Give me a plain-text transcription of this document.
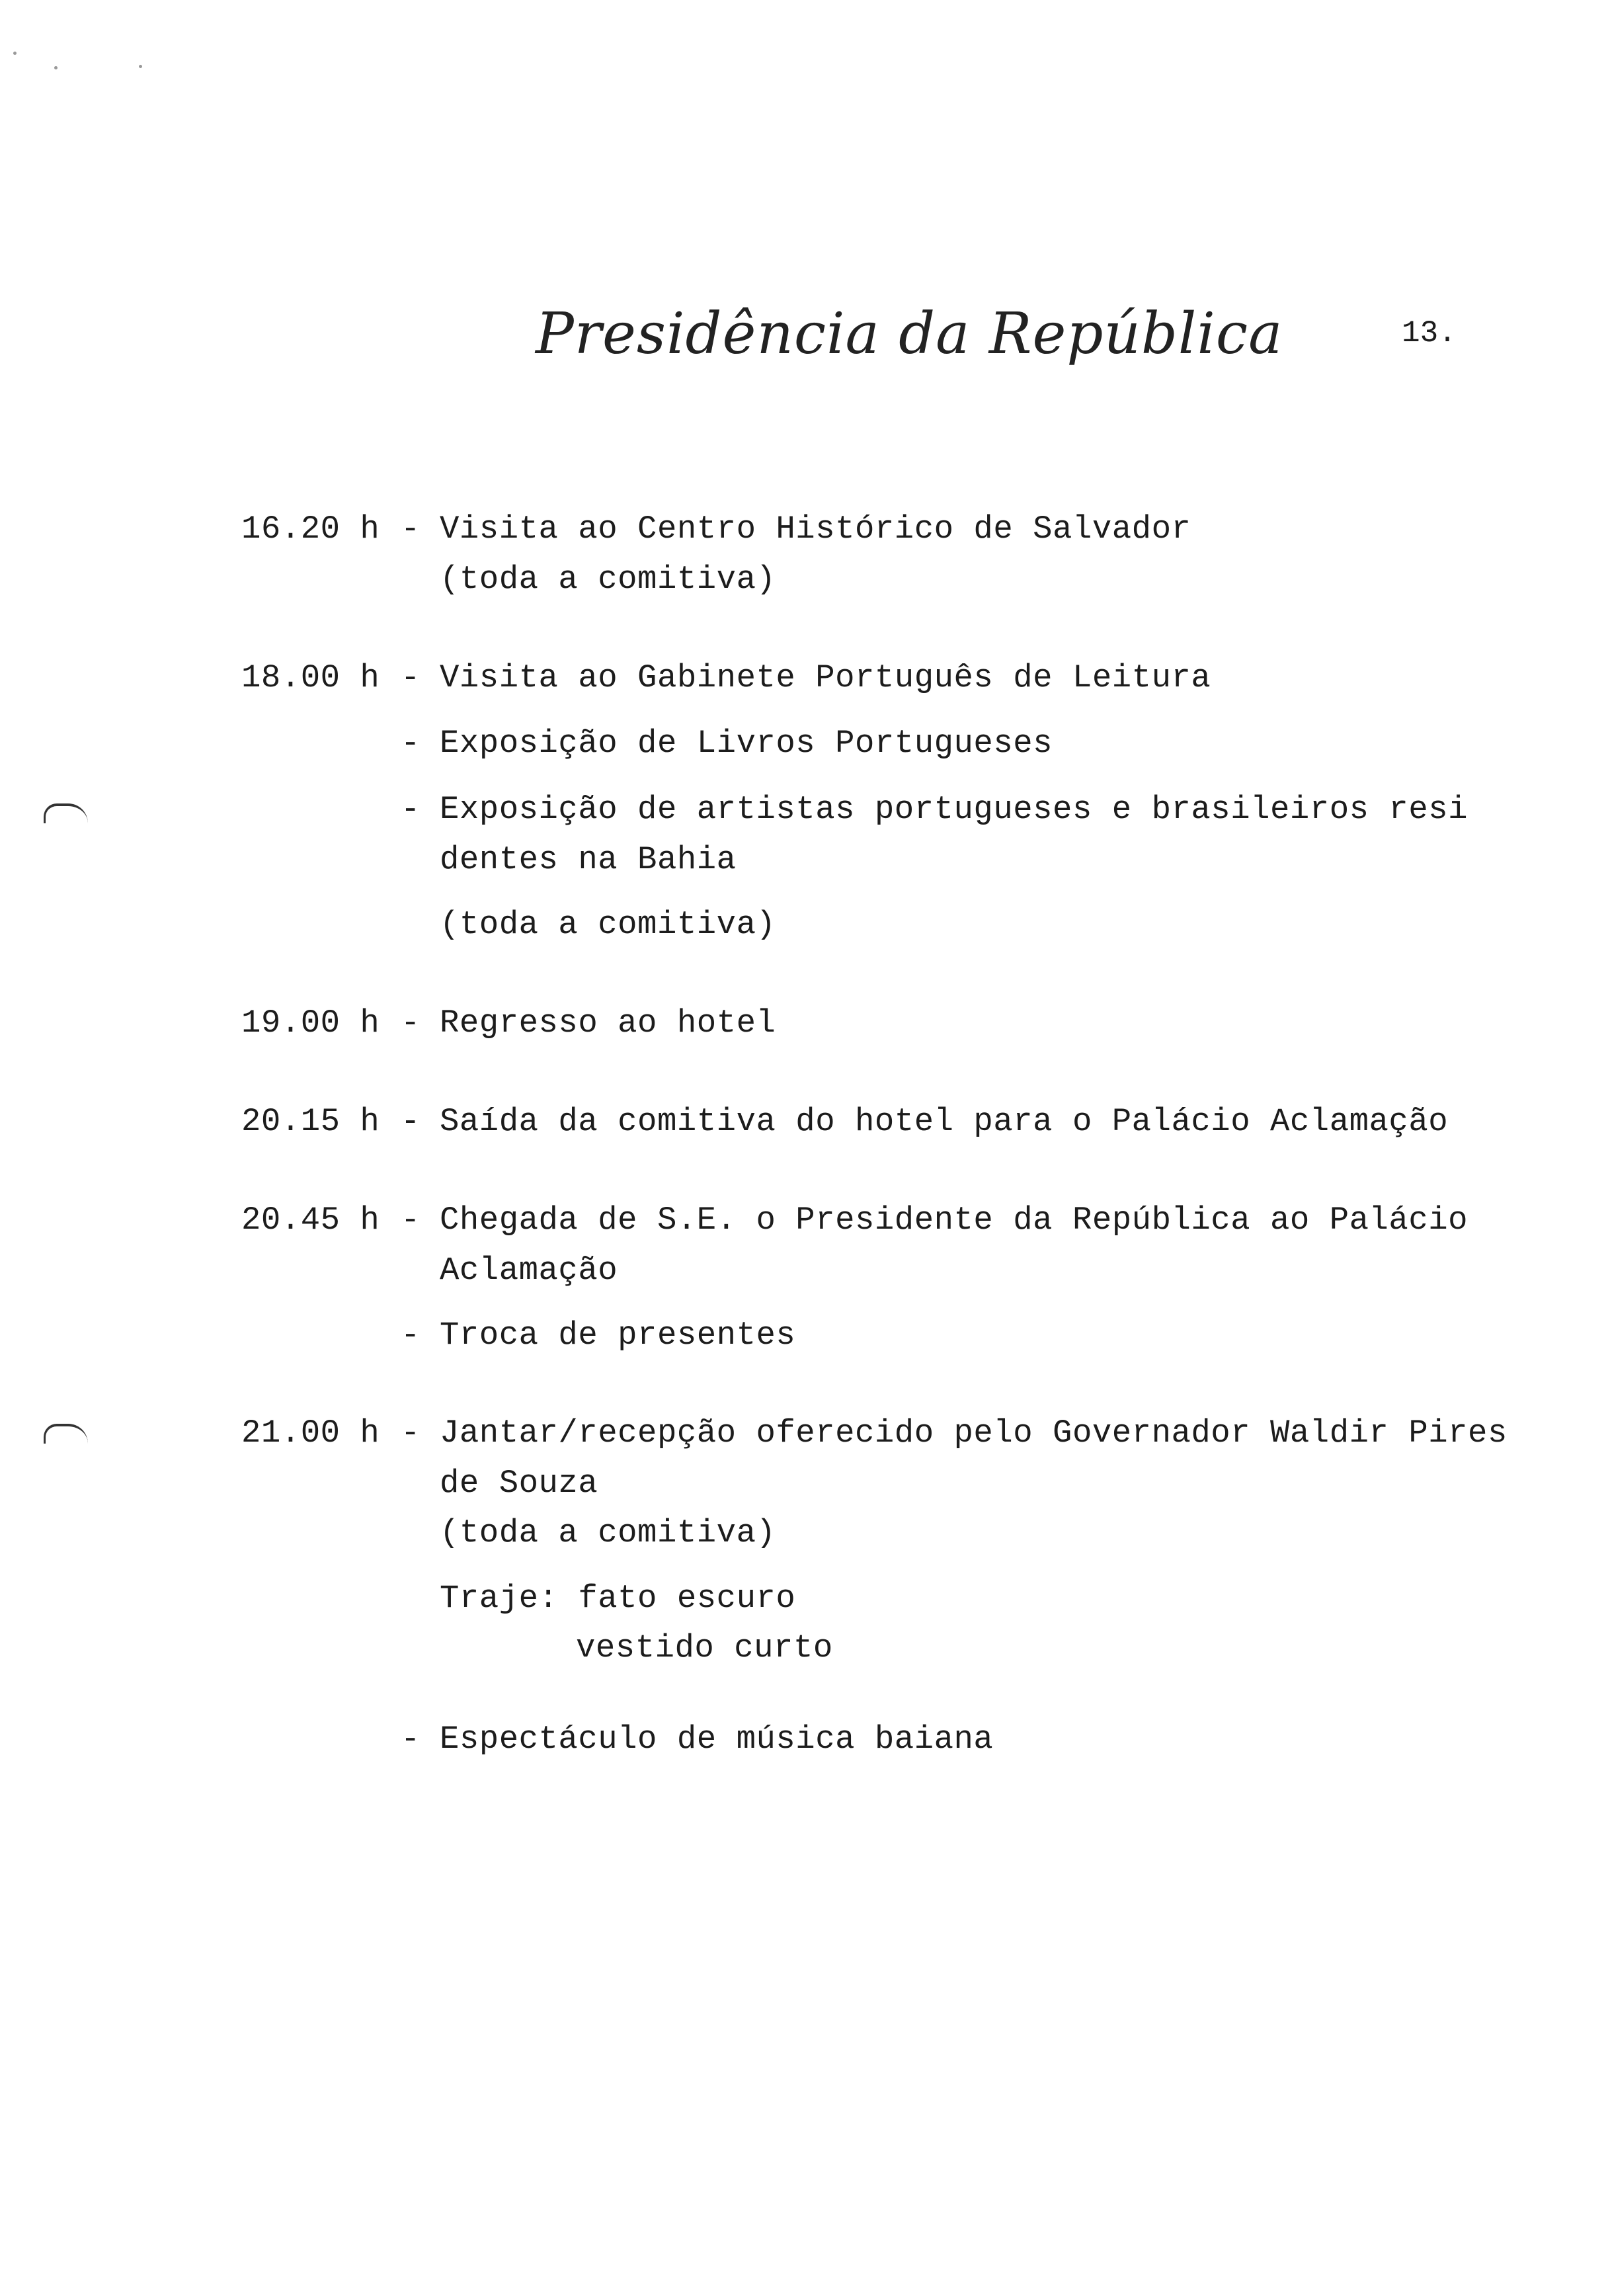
Presidência da República	13.
16.20 h - Visita ao Centro Histórico de Salvador
(toda a comitiva)
18.00 h - Visita ao Gabinete Português de Leitura
- Exposição de Livros Portugueses
- Exposição de artistas portugueses e brasileiros resi
dentes na Bahia
(toda a comitiva)
19.00 h - Regresso ao hotel
20.15 h - Saída da comitiva do hotel para o Palácio Aclamação
20.45 h - Chegada de S.E. o Presidente da República ao Palácio
Aclamação
- Troca de presentes
21.00 h - Jantar/recepção oferecido pelo Governador Waldir Pires
de Souza
(toda a comitiva)
Traje: fato escuro
vestido curto
- Espectáculo de música baiana
